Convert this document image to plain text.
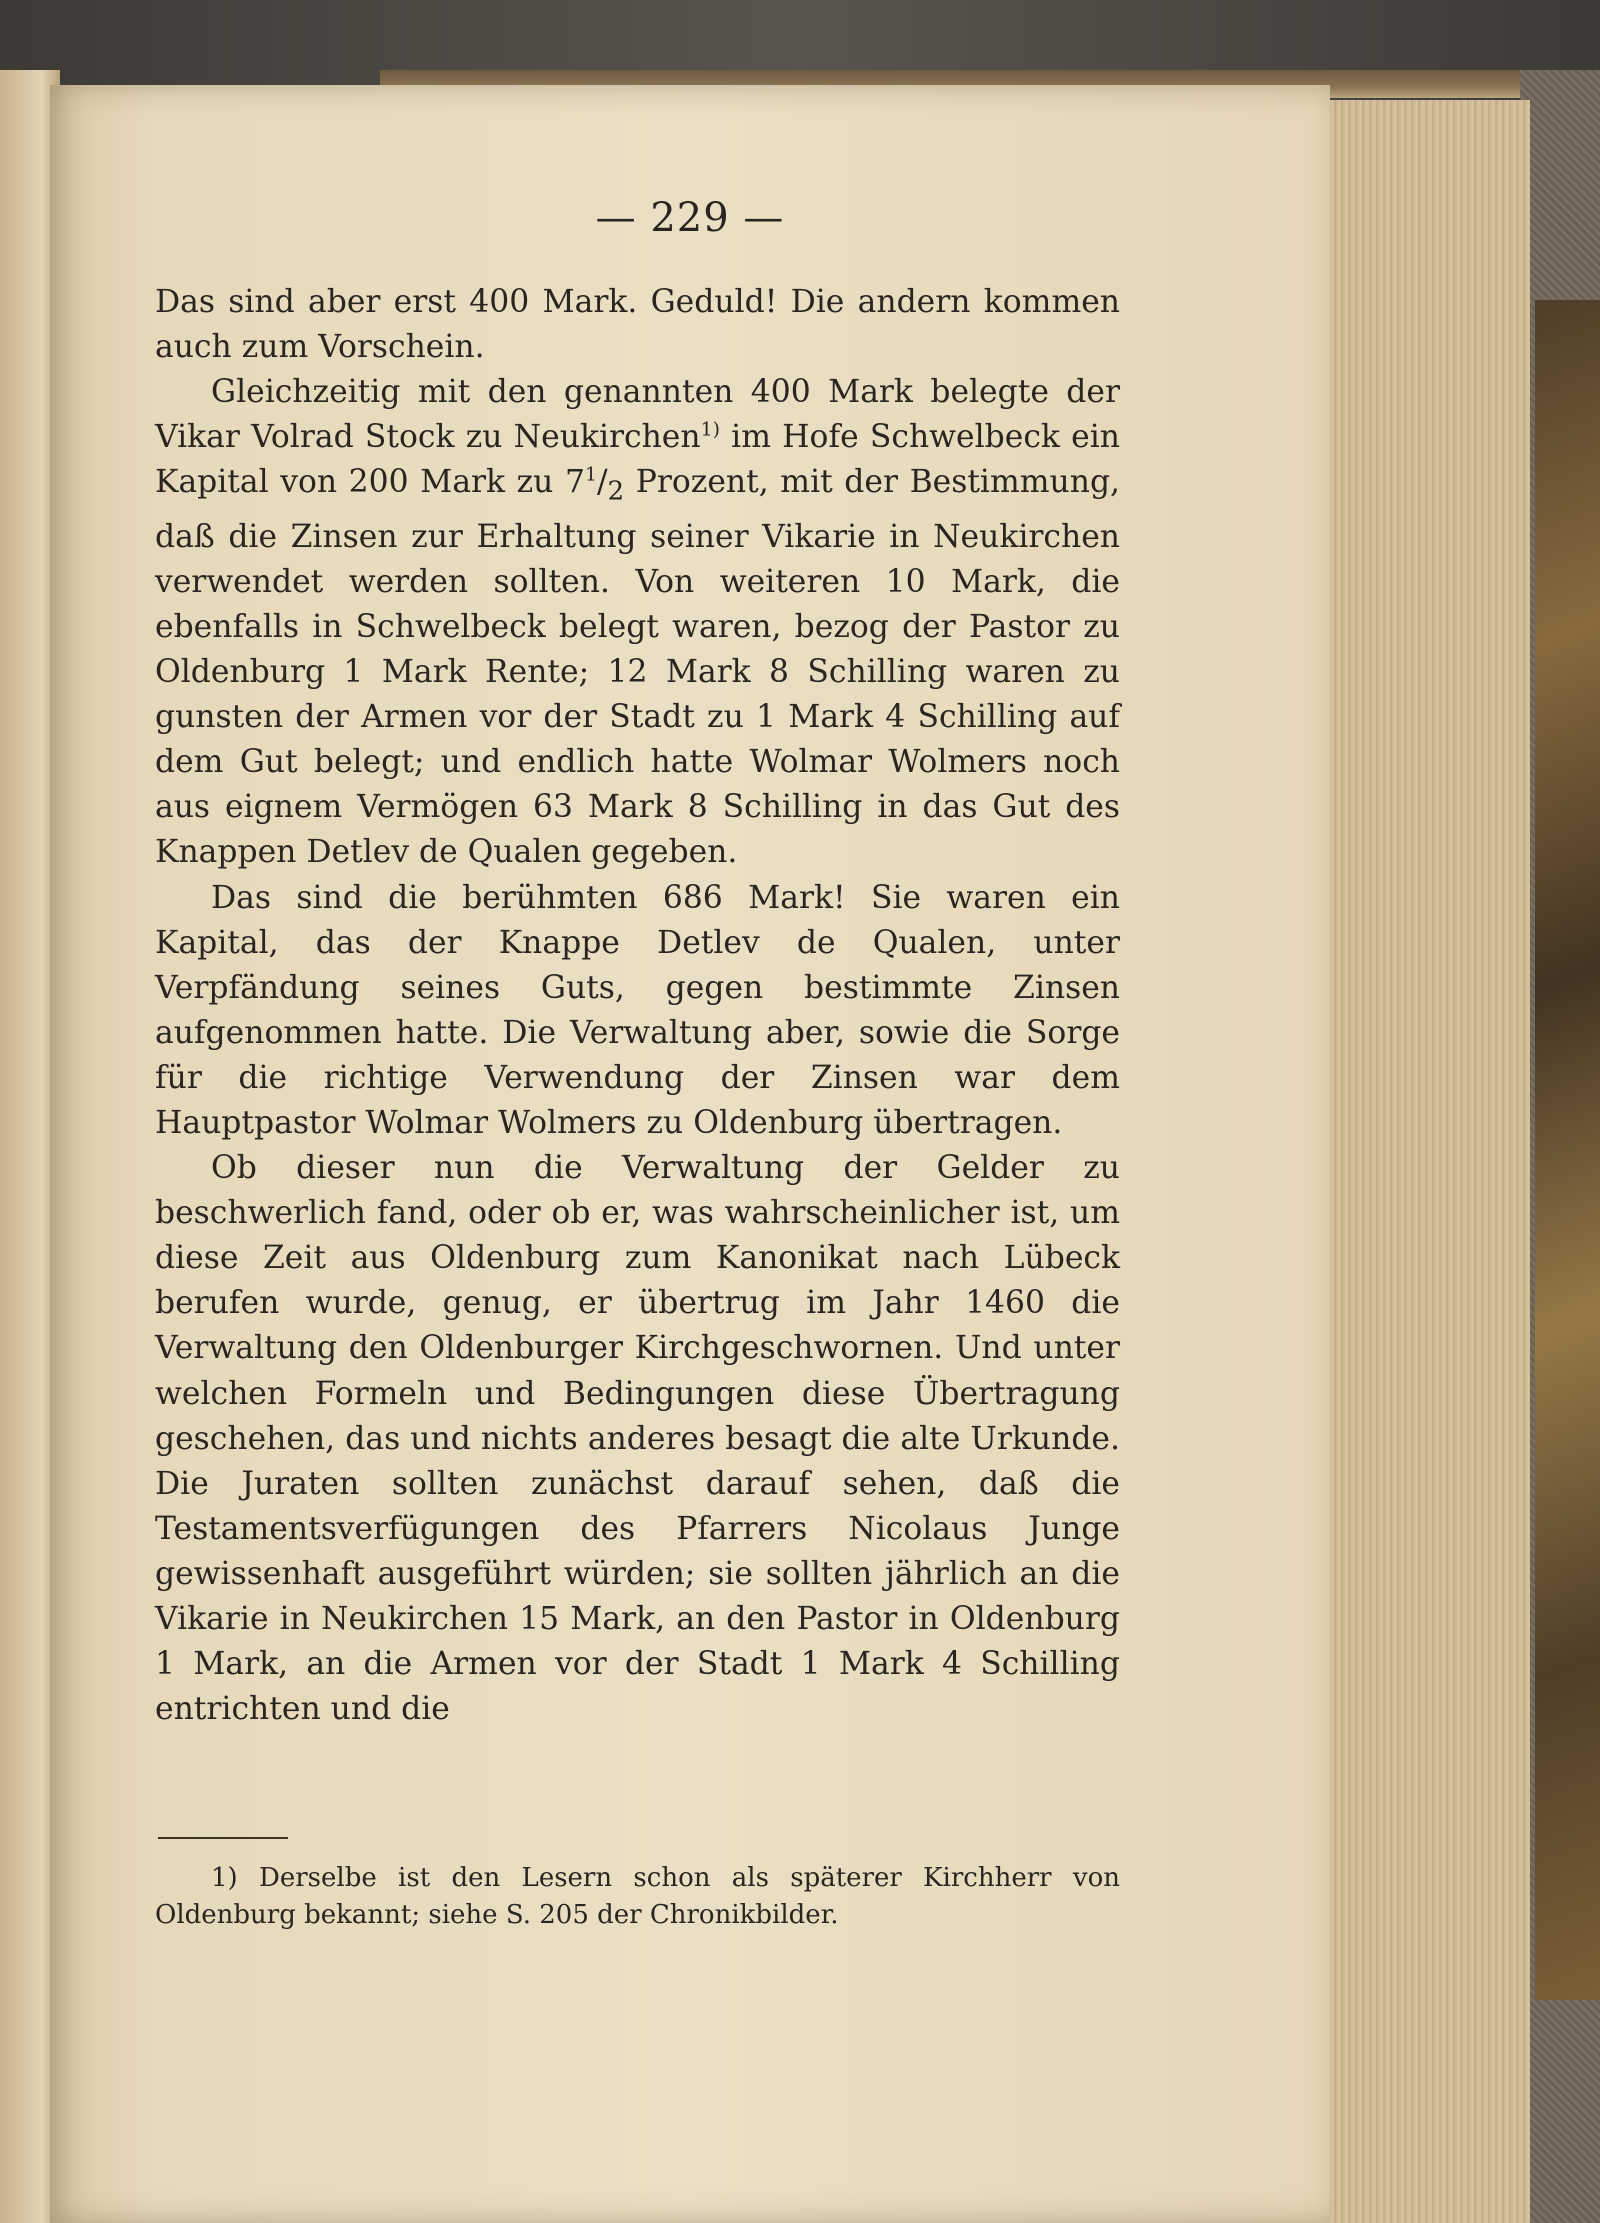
— 229 —

Das sind aber erst 400 Mark. Geduld! Die andern kommen auch zum Vorschein.

Gleichzeitig mit den genannten 400 Mark belegte der Vikar Volrad Stock zu Neukirchen$^{1)}$ im Hofe Schwelbeck ein Kapital von 200 Mark zu $7^1/_2$ Prozent, mit der Bestimmung, daß die Zinsen zur Erhaltung seiner Vikarie in Neukirchen verwendet werden sollten. Von weiteren 10 Mark, die ebenfalls in Schwelbeck belegt waren, bezog der Pastor zu Oldenburg 1 Mark Rente; 12 Mark 8 Schilling waren zu gunsten der Armen vor der Stadt zu 1 Mark 4 Schilling auf dem Gut belegt; und endlich hatte Wolmar Wolmers noch aus eignem Vermögen 63 Mark 8 Schilling in das Gut des Knappen Detlev de Qualen gegeben.

Das sind die berühmten 686 Mark! Sie waren ein Kapital, das der Knappe Detlev de Qualen, unter Verpfändung seines Guts, gegen bestimmte Zinsen aufgenommen hatte. Die Verwaltung aber, sowie die Sorge für die richtige Verwendung der Zinsen war dem Hauptpastor Wolmar Wolmers zu Oldenburg übertragen.

Ob dieser nun die Verwaltung der Gelder zu beschwerlich fand, oder ob er, was wahrscheinlicher ist, um diese Zeit aus Oldenburg zum Kanonikat nach Lübeck berufen wurde, genug, er übertrug im Jahr 1460 die Verwaltung den Oldenburger Kirchgeschwornen. Und unter welchen Formeln und Bedingungen diese Übertragung geschehen, das und nichts anderes besagt die alte Urkunde. Die Juraten sollten zunächst darauf sehen, daß die Testamentsverfügungen des Pfarrers Nicolaus Junge gewissenhaft ausgeführt würden; sie sollten jährlich an die Vikarie in Neukirchen 15 Mark, an den Pastor in Oldenburg 1 Mark, an die Armen vor der Stadt 1 Mark 4 Schilling entrichten und die

1) Derselbe ist den Lesern schon als späterer Kirchherr von Oldenburg bekannt; siehe S. 205 der Chronikbilder.
